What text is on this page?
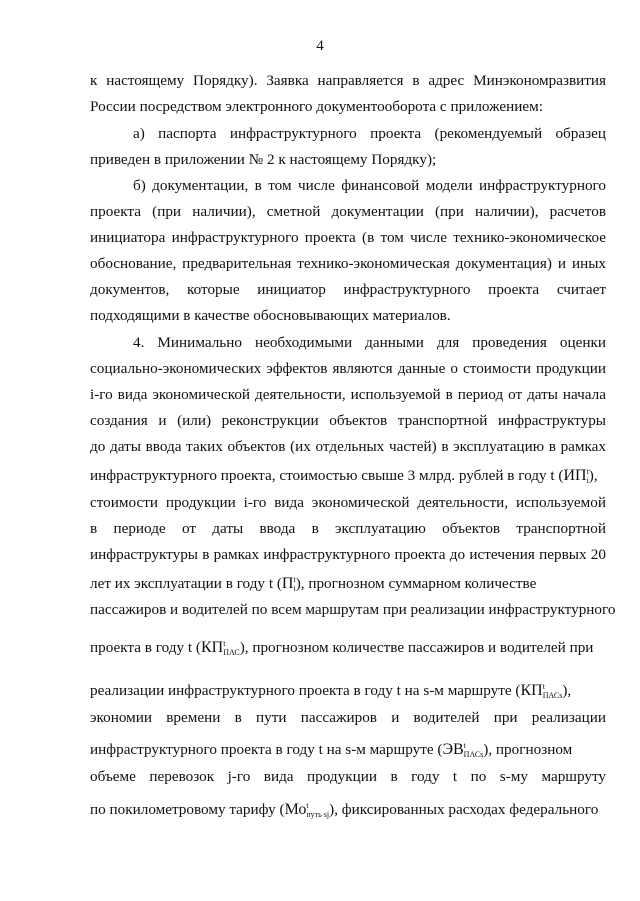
4
к настоящему Порядку). Заявка направляется в адрес Минэкономразвития
России посредством электронного документооборота с приложением:
а) паспорта инфраструктурного проекта (рекомендуемый образец
приведен в приложении № 2 к настоящему Порядку);
б) документации, в том числе финансовой модели инфраструктурного
проекта (при наличии), сметной документации (при наличии), расчетов
инициатора инфраструктурного проекта (в том числе технико-экономическое
обоснование, предварительная технико-экономическая документация) и иных
документов, которые инициатор инфраструктурного проекта считает
подходящими в качестве обосновывающих материалов.
4. Минимально необходимыми данными для проведения оценки
социально-экономических эффектов являются данные о стоимости продукции
i-го вида экономической деятельности, используемой в период от даты начала
создания и (или) реконструкции объектов транспортной инфраструктуры
до даты ввода таких объектов (их отдельных частей) в эксплуатацию в рамках
инфраструктурного проекта, стоимостью свыше 3 млрд. рублей в году t (ИП t
i ),
стоимости продукции i-го вида экономической деятельности, используемой
в периоде от даты ввода в эксплуатацию объектов транспортной
инфраструктуры в рамках инфраструктурного проекта до истечения первых 20
лет их эксплуатации в году t (П t
i ), прогнозном суммарном количестве
пассажиров и водителей по всем маршрутам при реализации инфраструктурного
проекта в году t (КП t
ПАС ), прогнозном количестве пассажиров и водителей при
реализации инфраструктурного проекта в году t на s-м маршруте (КП t
ПАСs ),
экономии времени в пути пассажиров и водителей при реализации
инфраструктурного проекта в году t на s-м маршруте (ЭВ t
ПАСs ), прогнозном
объеме перевозок j-го вида продукции в году t по s-му маршруту
по покилометровому тарифу (Мо t
путь sj ), фиксированных расходах федерального
